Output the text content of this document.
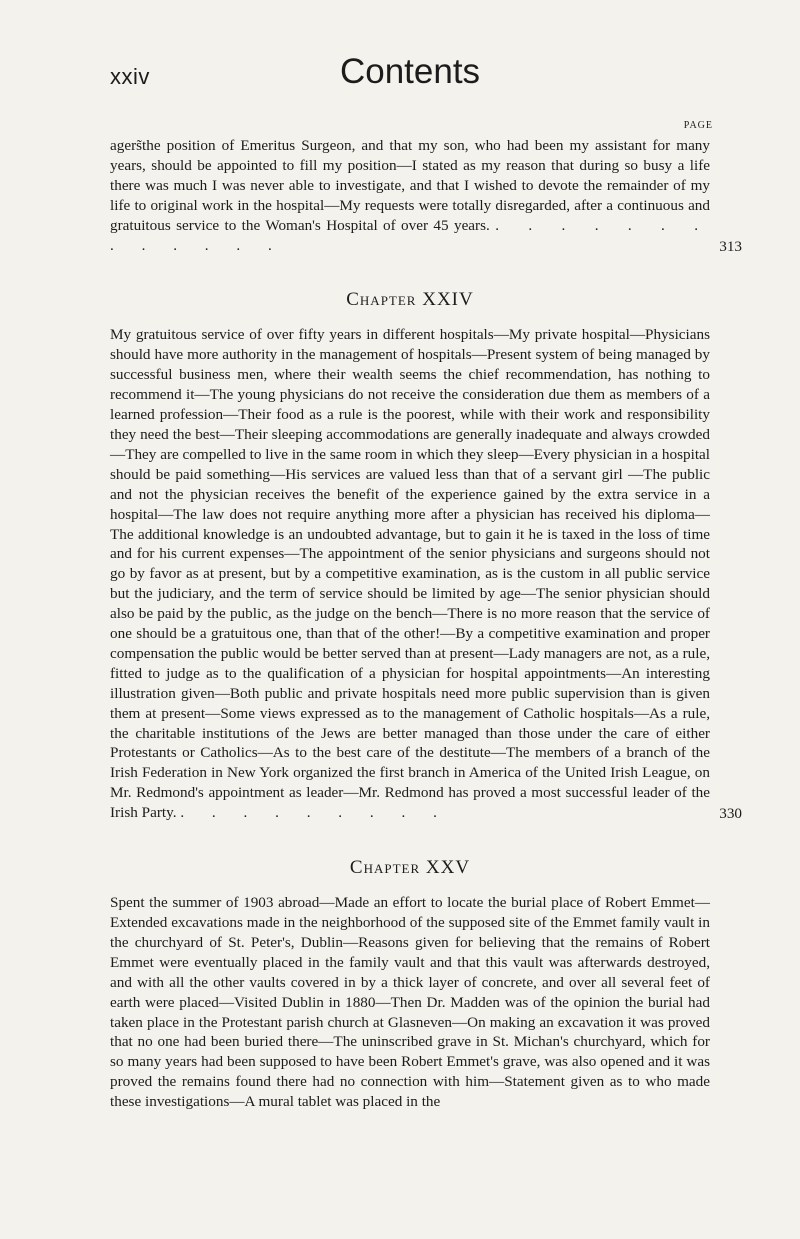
xxiv	Contents
PAGE

agers̃the position of Emeritus Surgeon, and that my son, who had been my assistant for many years, should be appointed to fill my position—I stated as my reason that during so busy a life there was much I was never able to investigate, and that I wished to devote the remainder of my life to original work in the hospital—My requests were totally disregarded, after a continuous and gratuitous service to the Woman's Hospital of over 45 years. . . . . . . . . . . . . .	313

Chapter XXIV

My gratuitous service of over fifty years in different hospitals—My private hospital—Physicians should have more authority in the management of hospitals—Present system of being managed by successful business men, where their wealth seems the chief recommendation, has nothing to recommend it—The young physicians do not receive the consideration due them as members of a learned profession—Their food as a rule is the poorest, while with their work and responsibility they need the best—Their sleeping accommodations are generally inadequate and always crowded—They are compelled to live in the same room in which they sleep—Every physician in a hospital should be paid something—His services are valued less than that of a servant girl —The public and not the physician receives the benefit of the experience gained by the extra service in a hospital—The law does not require anything more after a physician has received his diploma—The additional knowledge is an undoubted advantage, but to gain it he is taxed in the loss of time and for his current expenses—The appointment of the senior physicians and surgeons should not go by favor as at present, but by a competitive examination, as is the custom in all public service but the judiciary, and the term of service should be limited by age—The senior physician should also be paid by the public, as the judge on the bench—There is no more reason that the service of one should be a gratuitous one, than that of the other!—By a competitive examination and proper compensation the public would be better served than at present—Lady managers are not, as a rule, fitted to judge as to the qualification of a physician for hospital appointments—An interesting illustration given—Both public and private hospitals need more public supervision than is given them at present—Some views expressed as to the management of Catholic hospitals—As a rule, the charitable institutions of the Jews are better managed than those under the care of either Protestants or Catholics—As to the best care of the destitute—The members of a branch of the Irish Federation in New York organized the first branch in America of the United Irish League, on Mr. Redmond's appointment as leader—Mr. Redmond has proved a most successful leader of the Irish Party. . . . . . . . . .	330

Chapter XXV

Spent the summer of 1903 abroad—Made an effort to locate the burial place of Robert Emmet—Extended excavations made in the neighborhood of the supposed site of the Emmet family vault in the churchyard of St. Peter's, Dublin—Reasons given for believing that the remains of Robert Emmet were eventually placed in the family vault and that this vault was afterwards destroyed, and with all the other vaults covered in by a thick layer of concrete, and over all several feet of earth were placed—Visited Dublin in 1880—Then Dr. Madden was of the opinion the burial had taken place in the Protestant parish church at Glasneven—On making an excavation it was proved that no one had been buried there—The uninscribed grave in St. Michan's churchyard, which for so many years had been supposed to have been Robert Emmet's grave, was also opened and it was proved the remains found there had no connection with him—Statement given as to who made these investigations—A mural tablet was placed in the
